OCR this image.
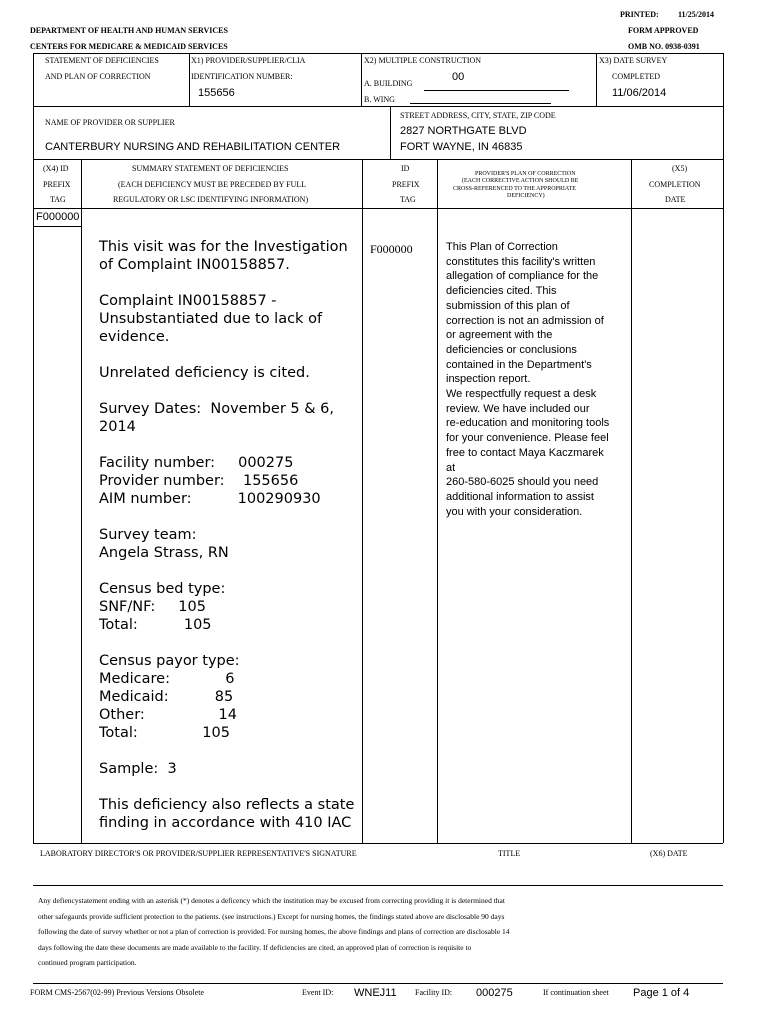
PRINTED: 11/25/2014
DEPARTMENT OF HEALTH AND HUMAN SERVICES	FORM APPROVED
CENTERS FOR MEDICARE & MEDICAID SERVICES	OMB NO. 0938-0391
STATEMENT OF DEFICIENCIES
AND PLAN OF CORRECTION
X1) PROVIDER/SUPPLIER/CLIA
IDENTIFICATION NUMBER:
155656
X2) MULTIPLE CONSTRUCTION
A. BUILDING
00
B. WING
X3) DATE SURVEY
COMPLETED
11/06/2014
NAME OF PROVIDER OR SUPPLIER
CANTERBURY NURSING AND REHABILITATION CENTER
STREET ADDRESS, CITY, STATE, ZIP CODE
2827 NORTHGATE BLVD
FORT WAYNE, IN 46835
(X4) ID
PREFIX
TAG
SUMMARY STATEMENT OF DEFICIENCIES
(EACH DEFICIENCY MUST BE PRECEDED BY FULL
REGULATORY OR LSC IDENTIFYING INFORMATION)
ID
PREFIX
TAG
PROVIDER'S PLAN OF CORRECTION
(EACH CORRECTIVE ACTION SHOULD BE
CROSS-REFERENCED TO THE APPROPRIATE
DEFICIENCY)
(X5)
COMPLETION
DATE
F000000
This visit was for the Investigation
of Complaint IN00158857.

Complaint IN00158857 -
Unsubstantiated due to lack of
evidence.

Unrelated deficiency is cited.

Survey Dates:  November 5 & 6,
2014

Facility number:     000275
Provider number:    155656
AIM number:          100290930

Survey team:
Angela Strass, RN

Census bed type:
SNF/NF:     105
Total:          105

Census payor type:
Medicare:            6
Medicaid:          85
Other:                14
Total:              105

Sample:  3

This deficiency also reflects a state
finding in accordance with 410 IAC
F000000	This Plan of Correction
constitutes this facility's written
allegation of compliance for the
deficiencies cited. This
submission of this plan of
correction is not an admission of
or agreement with the
deficiencies or conclusions
contained in the Department's
inspection report.
We respectfully request a desk
review. We have included our
re-education and monitoring tools
for your convenience. Please feel
free to contact Maya Kaczmarek
at
260-580-6025 should you need
additional information to assist
you with your consideration.
LABORATORY DIRECTOR'S OR PROVIDER/SUPPLIER REPRESENTATIVE'S SIGNATURE	TITLE	(X6) DATE
Any defiencystatement ending with an asterisk (*) denotes a deficency which the institution may be excused from correcting providing it is determined that
other safegaurds provide sufficient protection to the patients. (see instructions.) Except for nursing homes, the findings stated above are disclosable 90 days
following the date of survey whether or not a plan of correction is provided. For nursing homes, the above findings and plans of correction are disclosable 14
days following the date these documents are made available to the facility. If deficiencies are cited, an approved plan of correction is requisite to
continued program participation.
FORM CMS-2567(02-99) Previous Versions Obsolete	Event ID: WNEJ11 Facility ID: 000275	If continuation sheet Page 1 of 4
